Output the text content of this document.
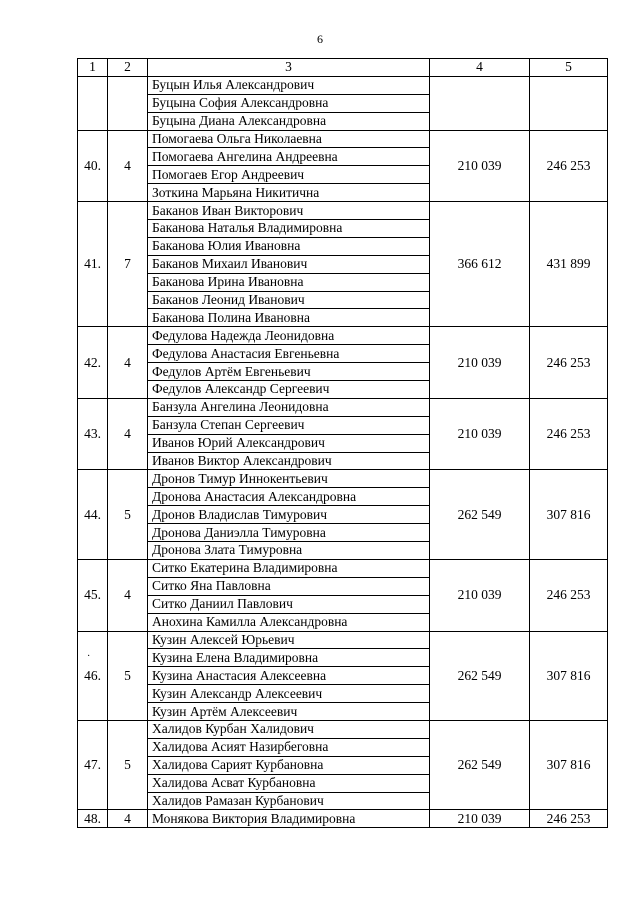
6
1	2	3	4	5
		Буцын Илья Александрович		
		Буцына София Александровна		
		Буцына Диана Александровна		
40.	4	Помогаева Ольга Николаевна	210 039	246 253
		Помогаева Ангелина Андреевна		
		Помогаев Егор Андреевич		
		Зоткина Марьяна Никитична		
41.	7	Баканов Иван Викторович	366 612	431 899
		Баканова Наталья Владимировна		
		Баканова Юлия Ивановна		
		Баканов Михаил Иванович		
		Баканова Ирина Ивановна		
		Баканов Леонид Иванович		
		Баканова Полина Ивановна		
42.	4	Федулова Надежда Леонидовна	210 039	246 253
		Федулова Анастасия Евгеньевна		
		Федулов Артём Евгеньевич		
		Федулов Александр Сергеевич		
43.	4	Банзула Ангелина Леонидовна	210 039	246 253
		Банзула Степан Сергеевич		
		Иванов Юрий Александрович		
		Иванов Виктор Александрович		
44.	5	Дронов Тимур Иннокентьевич	262 549	307 816
		Дронова Анастасия Александровна		
		Дронов Владислав Тимурович		
		Дронова Даниэлла Тимуровна		
		Дронова Злата Тимуровна		
45.	4	Ситко Екатерина Владимировна	210 039	246 253
		Ситко Яна Павловна		
		Ситко Даниил Павлович		
		Анохина Камилла Александровна		
46.	5	Кузин Алексей Юрьевич	262 549	307 816
		Кузина Елена Владимировна		
		Кузина Анастасия Алексеевна		
		Кузин Александр Алексеевич		
		Кузин Артём Алексеевич		
47.	5	Халидов Курбан Халидович	262 549	307 816
		Халидова Асият Назирбеговна		
		Халидова Сарият Курбановна		
		Халидова Асват Курбановна		
		Халидов Рамазан Курбанович		
48.	4	Монякова Виктория Владимировна	210 039	246 253
·
